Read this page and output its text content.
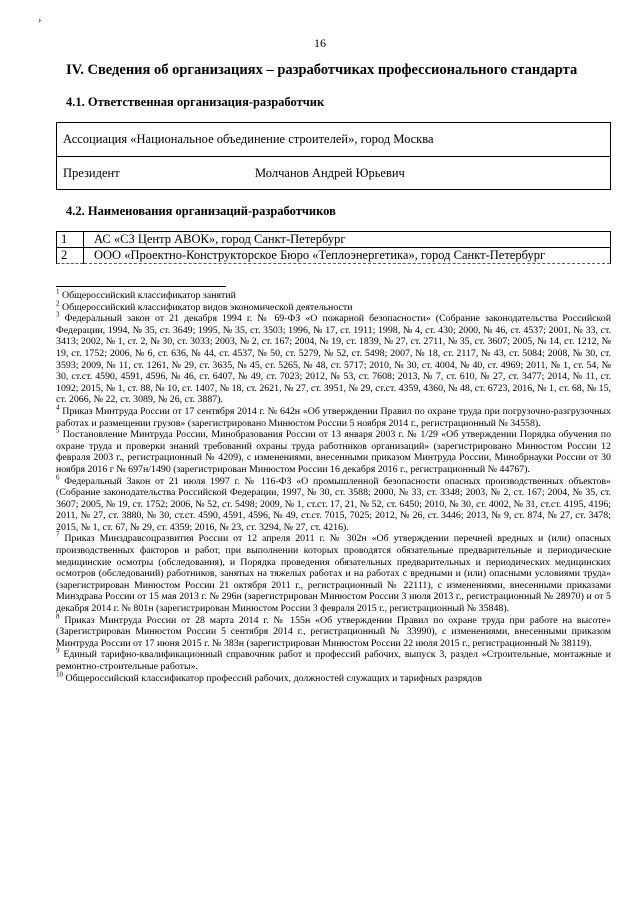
›
16
IV. Сведения об организациях – разработчиках профессионального стандарта
4.1. Ответственная организация-разработчик
Ассоциация «Национальное объединение строителей», город Москва
Президент	Молчанов Андрей Юрьевич
4.2. Наименования организаций-разработчиков
1	АС «СЗ Центр АВОК», город Санкт-Петербург
2	ООО «Проектно-Конструкторское Бюро «Теплоэнергетика», город Санкт-Петербург

$^1$ Общероссийский классификатор занятий

$^2$ Общероссийский классификатор видов экономической деятельности

$^3$ Федеральный закон от 21 декабря 1994 г. № 69-ФЗ «О пожарной безопасности» (Собрание законодательства Российской Федерации, 1994, № 35, ст. 3649; 1995, № 35, ст. 3503; 1996, № 17, ст. 1911; 1998, № 4, ст. 430; 2000, № 46, ст. 4537; 2001, № 33, ст. 3413; 2002, № 1, ст. 2, № 30, ст. 3033; 2003, № 2, ст. 167; 2004, № 19, ст. 1839, № 27, ст. 2711, № 35, ст. 3607; 2005, № 14, ст. 1212, № 19, ст. 1752; 2006, № 6, ст. 636, № 44, ст. 4537, № 50, ст. 5279, № 52, ст. 5498; 2007, № 18, ст. 2117, № 43, ст. 5084; 2008, № 30, ст. 3593; 2009, № 11, ст. 1261, № 29, ст. 3635, № 45, ст. 5265, № 48, ст. 5717; 2010, № 30, ст. 4004, № 40, ст. 4969; 2011, № 1, ст. 54, № 30, ст.ст. 4590, 4591, 4596, № 46, ст. 6407, № 49, ст. 7023; 2012, № 53, ст. 7608; 2013, № 7, ст. 610, № 27, ст. 3477; 2014, № 11, ст. 1092; 2015, № 1, ст. 88, № 10, ст. 1407, № 18, ст. 2621, № 27, ст. 3951, № 29, ст.ст. 4359, 4360, № 48, ст. 6723, 2016, № 1, ст. 68, № 15, ст. 2066, № 22, ст. 3089, № 26, ст. 3887).

$^4$ Приказ Минтруда России от 17 сентября 2014 г. № 642н «Об утверждении Правил по охране труда при погрузочно-разгрузочных работах и размещении грузов» (зарегистрировано Минюстом России 5 ноября 2014 г., регистрационный № 34558).

$^5$ Постановление Минтруда России, Минобразования России от 13 января 2003 г. № 1/29 «Об утверждении Порядка обучения по охране труда и проверки знаний требований охраны труда работников организаций» (зарегистрировано Минюстом России 12 февраля 2003 г., регистрационный № 4209), с изменениями, внесенными приказом Минтруда России, Минобрнауки России от 30 ноября 2016 г № 697н/1490 (зарегистрирован Минюстом России 16 декабря 2016 г., регистрационный № 44767).

$^6$ Федеральный Закон от 21 июля 1997 г. № 116-ФЗ «О промышленной безопасности опасных производственных объектов» (Собрание законодательства Российской Федерации, 1997, № 30, ст. 3588; 2000, № 33, ст. 3348; 2003, № 2, ст. 167; 2004, № 35, ст. 3607; 2005, № 19, ст. 1752; 2006, № 52, ст. 5498; 2009, № 1, ст.ст. 17, 21, № 52, ст. 6450; 2010, № 30, ст. 4002, № 31, ст.ст. 4195, 4196; 2011, № 27, ст. 3880, № 30, ст.ст. 4590, 4591, 4596, № 49, ст.ст. 7015, 7025; 2012, № 26, ст. 3446; 2013, № 9, ст. 874, № 27, ст. 3478; 2015, № 1, ст. 67, № 29, ст. 4359; 2016, № 23, ст. 3294, № 27, ст. 4216).

$^7$ Приказ Минздравсоцразвития России от 12 апреля 2011 г. № 302н «Об утверждении перечней вредных и (или) опасных производственных факторов и работ, при выполнении которых проводятся обязательные предварительные и периодические медицинские осмотры (обследования), и Порядка проведения обязательных предварительных и периодических медицинских осмотров (обследований) работников, занятых на тяжелых работах и на работах с вредными и (или) опасными условиями труда» (зарегистрирован Минюстом России 21 октября 2011 г., регистрационный № 22111), с изменениями, внесенными приказами Минздрава России от 15 мая 2013 г. № 296н (зарегистрирован Минюстом России 3 июля 2013 г., регистрационный № 28970) и от 5 декабря 2014 г. № 801н (зарегистрирован Минюстом России 3 февраля 2015 г., регистрационный № 35848).

$^8$ Приказ Минтруда России от 28 марта 2014 г. № 155н «Об утверждении Правил по охране труда при работе на высоте» (Зарегистрирован Минюстом России 5 сентября 2014 г., регистрационный № 33990), с изменениями, внесенными приказом Минтруда России от 17 июня 2015 г. № 383н (зарегистрирован Минюстом России 22 июля 2015 г., регистрационный № 38119).

$^9$ Единый тарифно-квалификационный справочник работ и профессий рабочих, выпуск 3, раздел «Строительные, монтажные и ремонтно-строительные работы».

$^{10}$ Общероссийский классификатор профессий рабочих, должностей служащих и тарифных разрядов
